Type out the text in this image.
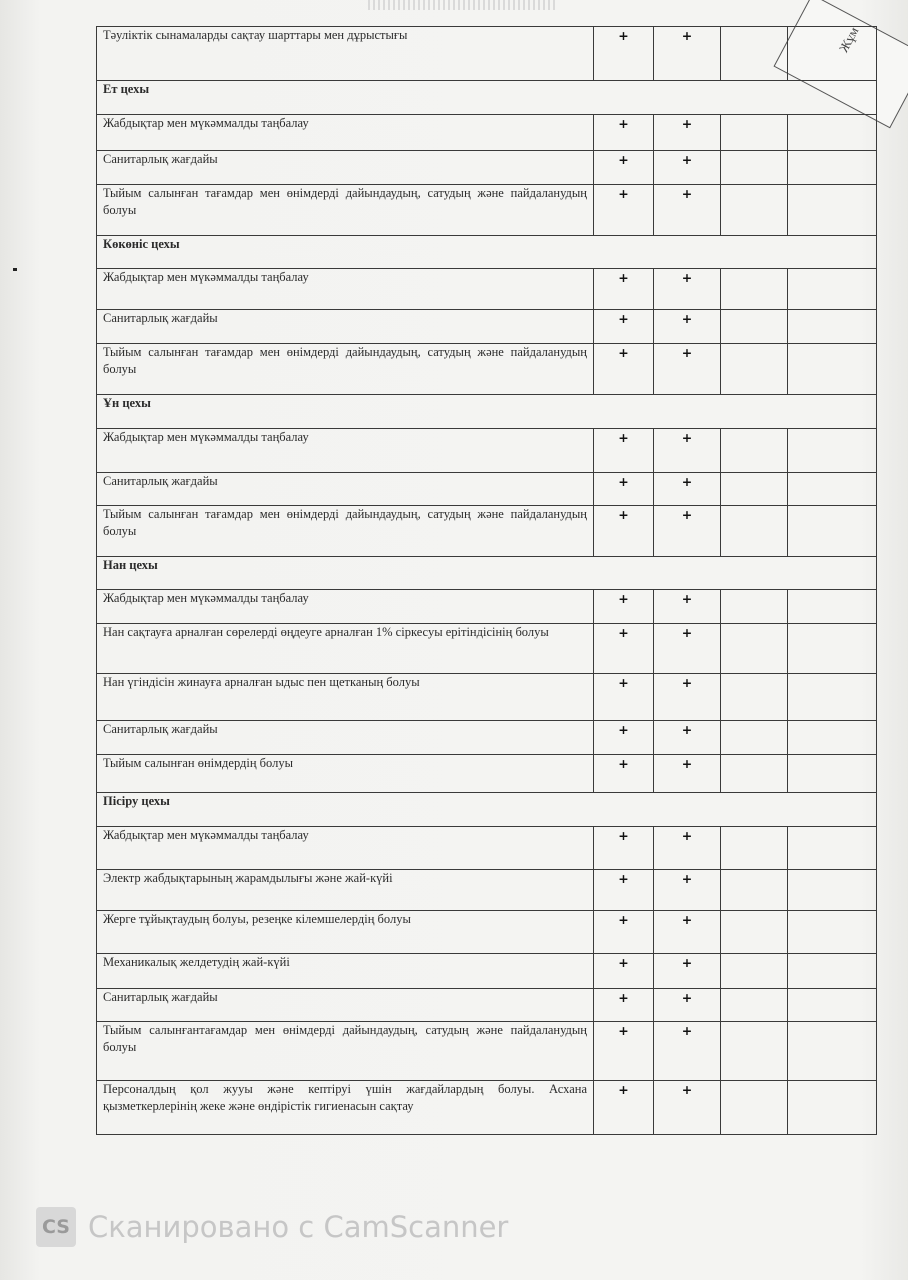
Жұм
Тәуліктік сынамаларды сақтау шарттары мен дұрыстығы	+	+		
Ет цехы				
Жабдықтар мен мүкәммалды таңбалау	+	+		
Санитарлық жағдайы	+	+		
Тыйым салынған тағамдар мен өнімдерді дайындаудың, сатудың және пайдаланудың болуы	+	+		
Көкөніс цехы				
Жабдықтар мен мүкәммалды таңбалау	+	+		
Санитарлық жағдайы	+	+		
Тыйым салынған тағамдар мен өнімдерді дайындаудың, сатудың және пайдаланудың болуы	+	+		
Ұн цехы				
Жабдықтар мен мүкәммалды таңбалау	+	+		
Санитарлық жағдайы	+	+		
Тыйым салынған тағамдар мен өнімдерді дайындаудың, сатудың және пайдаланудың болуы	+	+		
Нан цехы				
Жабдықтар мен мүкәммалды таңбалау	+	+		
Нан сақтауға арналған сөрелерді өңдеуге арналған 1% сіркесуы ерітіндісінің болуы	+	+		
Нан үгіндісін жинауға арналған ыдыс пен щетканың болуы	+	+		
Санитарлық жағдайы	+	+		
Тыйым салынған өнімдердің болуы	+	+		
Пісіру цехы				
Жабдықтар мен мүкәммалды таңбалау	+	+		
Электр жабдықтарының жарамдылығы және жай-күйі	+	+		
Жерге тұйықтаудың болуы, резеңке кілемшелердің болуы	+	+		
Механикалық желдетудің жай-күйі	+	+		
Санитарлық жағдайы	+	+		
Тыйым салынғантағамдар мен өнімдерді дайындаудың, сатудың және пайдаланудың болуы	+	+		
Персоналдың қол жууы және кептіруі үшін жағдайлардың болуы. Асхана қызметкерлерінің жеке және өндірістік гигиенасын сақтау	+	+		
CS Сканировано с CamScanner
